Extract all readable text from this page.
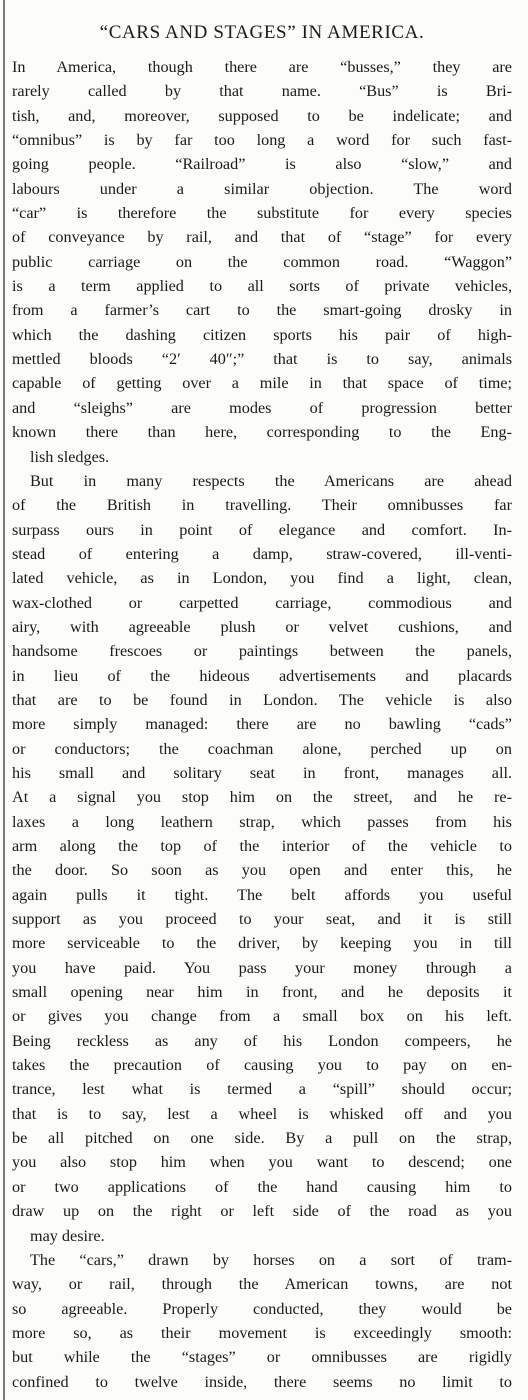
“CARS AND STAGES” IN AMERICA.
In America, though there are “busses,” they are
rarely called by that name. “Bus” is Bri-
tish, and, moreover, supposed to be indelicate; and
“omnibus” is by far too long a word for such fast-
going people. “Railroad” is also “slow,” and
labours under a similar objection. The word
“car” is therefore the substitute for every species
of conveyance by rail, and that of “stage” for every
public carriage on the common road. “Waggon”
is a term applied to all sorts of private vehicles,
from a farmer’s cart to the smart-going drosky in
which the dashing citizen sports his pair of high-
mettled bloods “2′ 40″;” that is to say, animals
capable of getting over a mile in that space of time;
and “sleighs” are modes of progression better
known there than here, corresponding to the Eng-
lish sledges.
But in many respects the Americans are ahead
of the British in travelling. Their omnibusses far
surpass ours in point of elegance and comfort. In-
stead of entering a damp, straw-covered, ill-venti-
lated vehicle, as in London, you find a light, clean,
wax-clothed or carpetted carriage, commodious and
airy, with agreeable plush or velvet cushions, and
handsome frescoes or paintings between the panels,
in lieu of the hideous advertisements and placards
that are to be found in London. The vehicle is also
more simply managed: there are no bawling “cads”
or conductors; the coachman alone, perched up on
his small and solitary seat in front, manages all.
At a signal you stop him on the street, and he re-
laxes a long leathern strap, which passes from his
arm along the top of the interior of the vehicle to
the door. So soon as you open and enter this, he
again pulls it tight. The belt affords you useful
support as you proceed to your seat, and it is still
more serviceable to the driver, by keeping you in till
you have paid. You pass your money through a
small opening near him in front, and he deposits it
or gives you change from a small box on his left.
Being reckless as any of his London compeers, he
takes the precaution of causing you to pay on en-
trance, lest what is termed a “spill” should occur;
that is to say, lest a wheel is whisked off and you
be all pitched on one side. By a pull on the strap,
you also stop him when you want to descend; one
or two applications of the hand causing him to
draw up on the right or left side of the road as you
may desire.
The “cars,” drawn by horses on a sort of tram-
way, or rail, through the American towns, are not
so agreeable. Properly conducted, they would be
more so, as their movement is exceedingly smooth:
but while the “stages” or omnibusses are rigidly
confined to twelve inside, there seems no limit to
